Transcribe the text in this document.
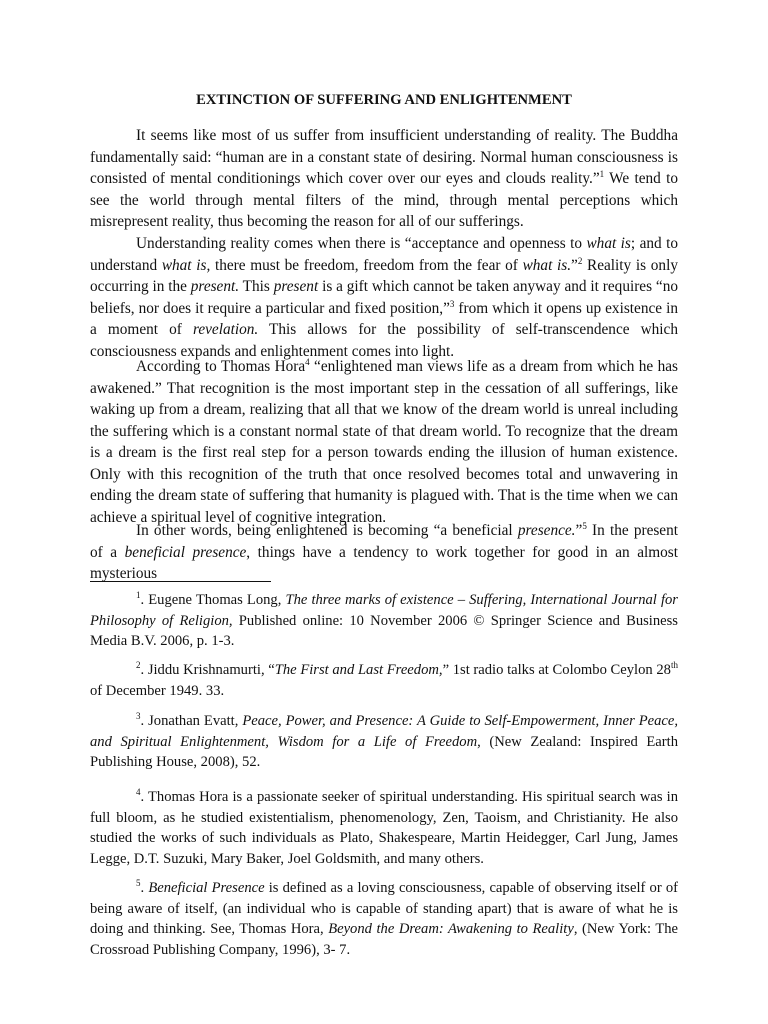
EXTINCTION OF SUFFERING AND ENLIGHTENMENT

It seems like most of us suffer from insufficient understanding of reality. The Buddha fundamentally said: “human are in a constant state of desiring. Normal human consciousness is consisted of mental conditionings which cover over our eyes and clouds reality.”$^1$ We tend to see the world through mental filters of the mind, through mental perceptions which misrepresent reality, thus becoming the reason for all of our sufferings.

Understanding reality comes when there is “acceptance and openness to what is; and to understand what is, there must be freedom, freedom from the fear of what is.”$^2$ Reality is only occurring in the present. This present is a gift which cannot be taken anyway and it requires “no beliefs, nor does it require a particular and fixed position,”$^3$ from which it opens up existence in a moment of revelation. This allows for the possibility of self-transcendence which consciousness expands and enlightenment comes into light.

According to Thomas Hora$^4$ “enlightened man views life as a dream from which he has awakened.” That recognition is the most important step in the cessation of all sufferings, like waking up from a dream, realizing that all that we know of the dream world is unreal including the suffering which is a constant normal state of that dream world. To recognize that the dream is a dream is the first real step for a person towards ending the illusion of human existence. Only with this recognition of the truth that once resolved becomes total and unwavering in ending the dream state of suffering that humanity is plagued with. That is the time when we can achieve a spiritual level of cognitive integration.

In other words, being enlightened is becoming “a beneficial presence.”$^5$ In the present of a beneficial presence, things have a tendency to work together for good in an almost mysterious

$^1$. Eugene Thomas Long, The three marks of existence – Suffering, International Journal for Philosophy of Religion, Published online: 10 November 2006 © Springer Science and Business Media B.V. 2006, p. 1-3.

$^2$. Jiddu Krishnamurti, “The First and Last Freedom,” 1st radio talks at Colombo Ceylon 28th of December 1949. 33.

$^3$. Jonathan Evatt, Peace, Power, and Presence: A Guide to Self-Empowerment, Inner Peace, and Spiritual Enlightenment, Wisdom for a Life of Freedom, (New Zealand: Inspired Earth Publishing House, 2008), 52.

$^4$. Thomas Hora is a passionate seeker of spiritual understanding. His spiritual search was in full bloom, as he studied existentialism, phenomenology, Zen, Taoism, and Christianity. He also studied the works of such individuals as Plato, Shakespeare, Martin Heidegger, Carl Jung, James Legge, D.T. Suzuki, Mary Baker, Joel Goldsmith, and many others.

$^5$. Beneficial Presence is defined as a loving consciousness, capable of observing itself or of being aware of itself, (an individual who is capable of standing apart) that is aware of what he is doing and thinking. See, Thomas Hora, Beyond the Dream: Awakening to Reality, (New York: The Crossroad Publishing Company, 1996), 3- 7.
